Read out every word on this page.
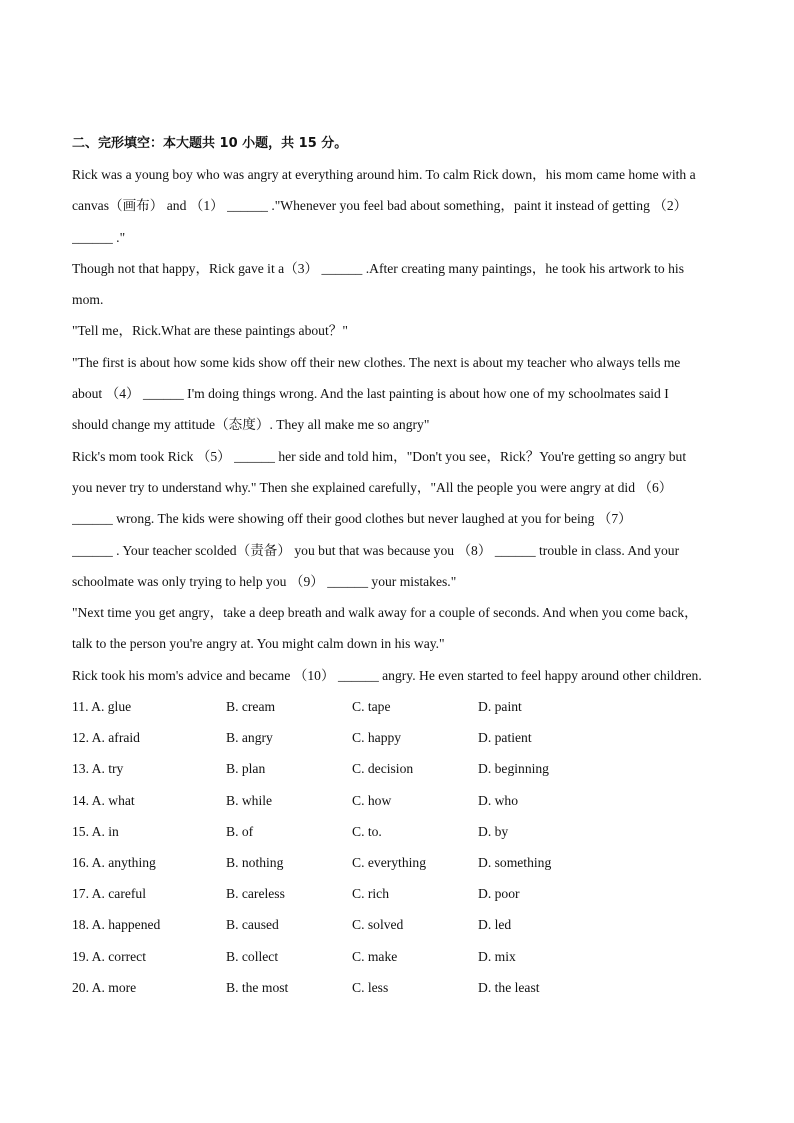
二、完形填空：本大题共 10 小题，共 15 分。
Rick was a young boy who was angry at everything around him. To calm Rick down，his mom came home with a
canvas（画布） and （1） ______ ."Whenever you feel bad about something，paint it instead of getting （2）
______ ."
Though not that happy，Rick gave it a（3） ______ .After creating many paintings，he took his artwork to his
mom.
"Tell me，Rick.What are these paintings about？"
"The first is about how some kids show off their new clothes. The next is about my teacher who always tells me
about （4） ______ I'm doing things wrong. And the last painting is about how one of my schoolmates said I
should change my attitude（态度）. They all make me so angry"
Rick's mom took Rick （5） ______ her side and told him，"Don't you see，Rick？You're getting so angry but
you never try to understand why." Then she explained carefully，"All the people you were angry at did （6）
______ wrong. The kids were showing off their good clothes but never laughed at you for being （7）
______ . Your teacher scolded（责备） you but that was because you （8） ______ trouble in class. And your
schoolmate was only trying to help you （9） ______ your mistakes."
"Next time you get angry，take a deep breath and walk away for a couple of seconds. And when you come back，
talk to the person you're angry at. You might calm down in his way."
Rick took his mom's advice and became （10） ______ angry. He even started to feel happy around other children.
11. A. glue	B. cream	C. tape	D. paint
12. A. afraid	B. angry	C. happy	D. patient
13. A. try	B. plan	C. decision	D. beginning
14. A. what	B. while	C. how	D. who
15. A. in	B. of	C. to.	D. by
16. A. anything	B. nothing	C. everything	D. something
17. A. careful	B. careless	C. rich	D. poor
18. A. happened	B. caused	C. solved	D. led
19. A. correct	B. collect	C. make	D. mix
20. A. more	B. the most	C. less	D. the least
